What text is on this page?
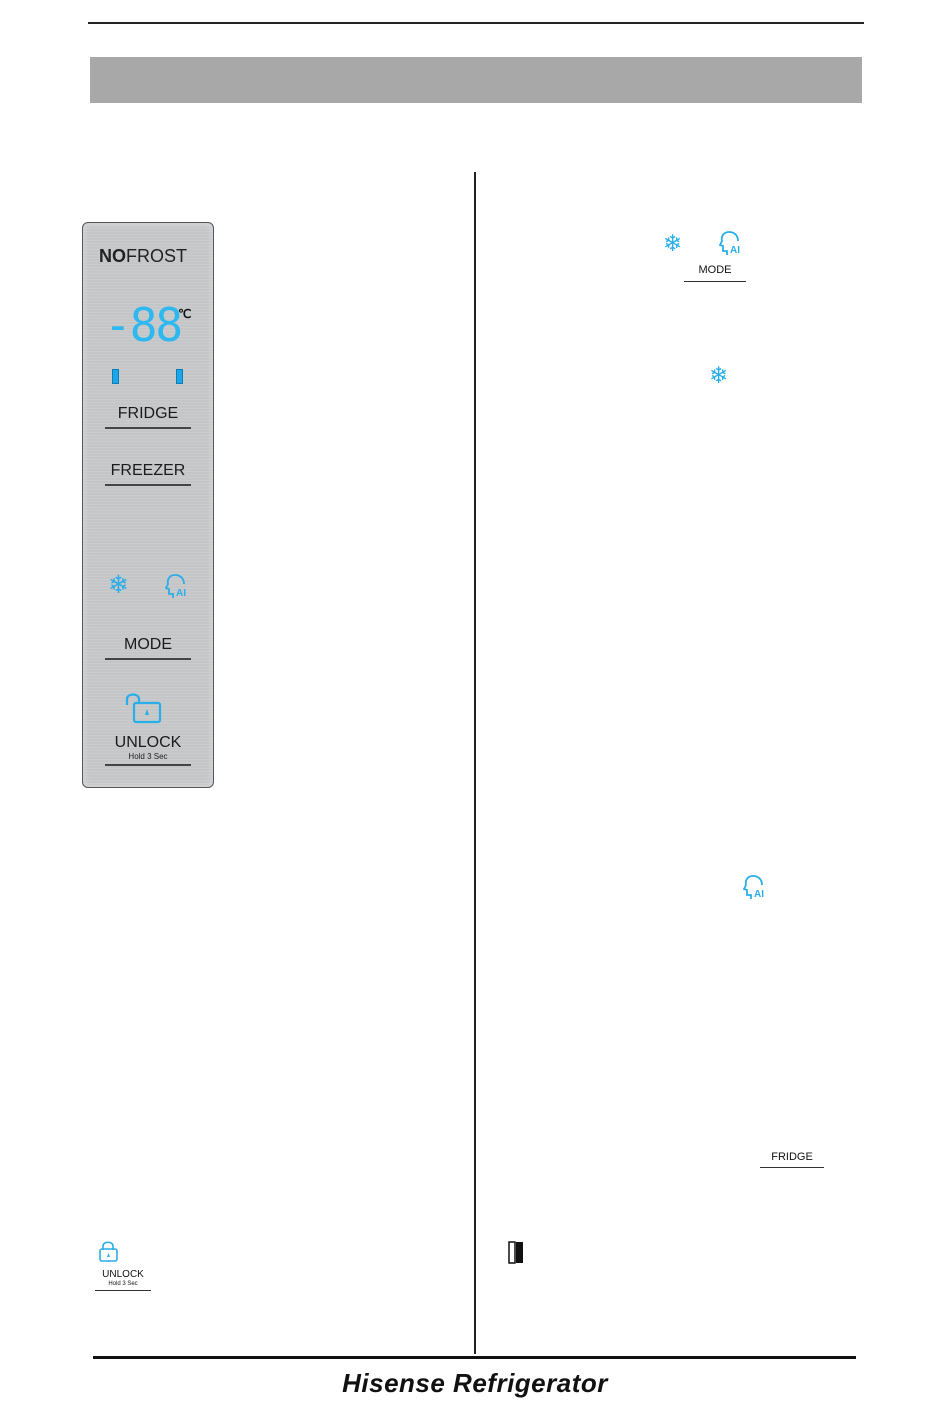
NOFROST
-88
℃
FRIDGE
FREEZER
❄	AI
MODE
UNLOCK
Hold 3 Sec
❄	AI
MODE
❄
AI
FRIDGE
UNLOCK
Hold 3 Sec
Hisense Refrigerator
